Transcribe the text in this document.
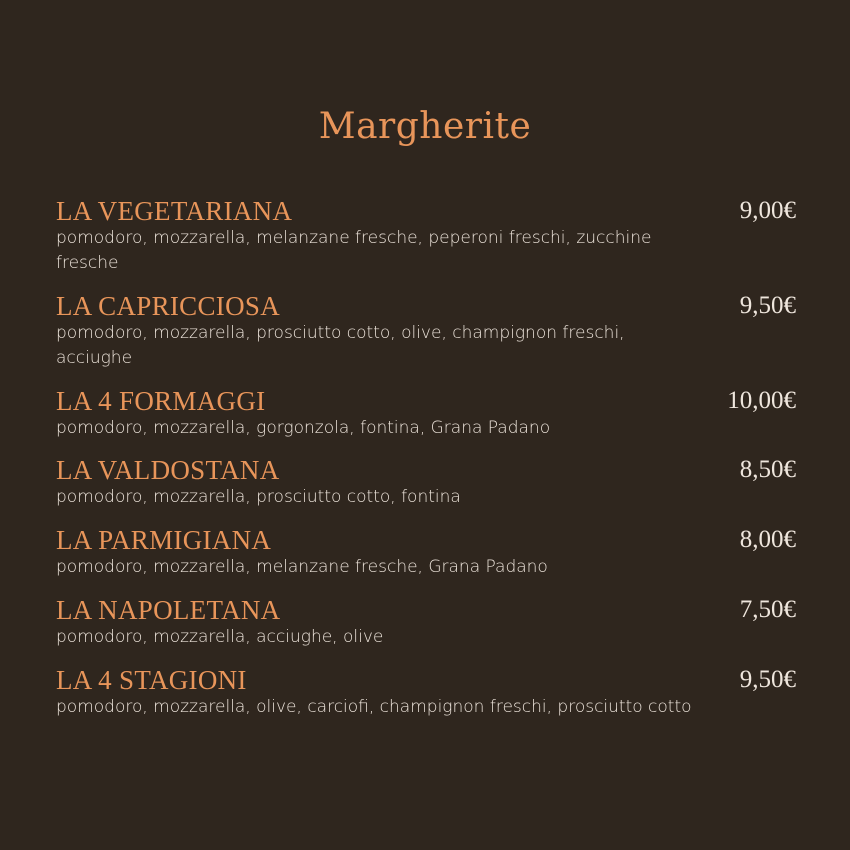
Margherite
LA VEGETARIANA	9,00€
pomodoro, mozzarella, melanzane fresche, peperoni freschi, zucchine fresche
LA CAPRICCIOSA	9,50€
pomodoro, mozzarella, prosciutto cotto, olive, champignon freschi, acciughe
LA 4 FORMAGGI	10,00€
pomodoro, mozzarella, gorgonzola, fontina, Grana Padano
LA VALDOSTANA	8,50€
pomodoro, mozzarella, prosciutto cotto, fontina
LA PARMIGIANA	8,00€
pomodoro, mozzarella, melanzane fresche, Grana Padano
LA NAPOLETANA	7,50€
pomodoro, mozzarella, acciughe, olive
LA 4 STAGIONI	9,50€
pomodoro, mozzarella, olive, carciofi, champignon freschi, prosciutto cotto
